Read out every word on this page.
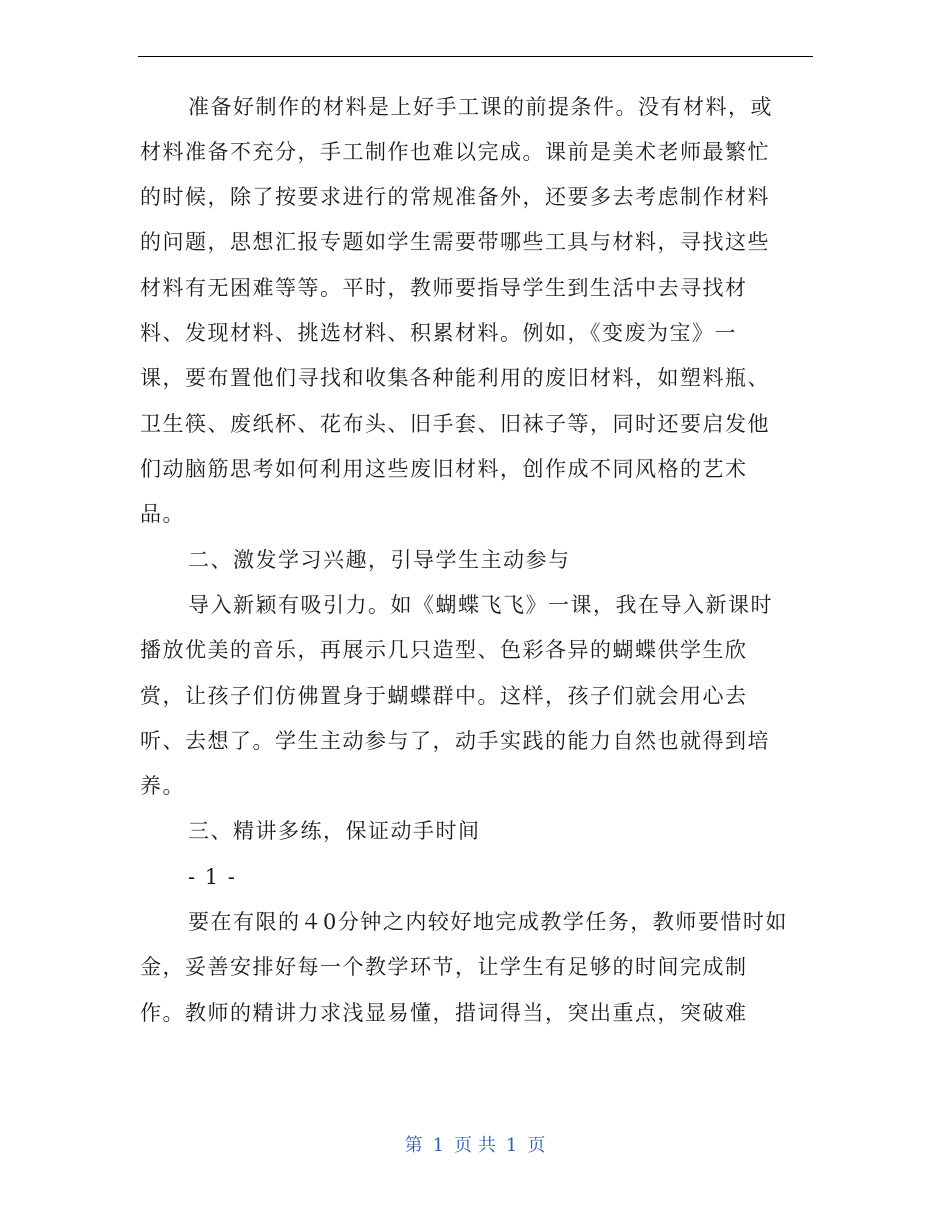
准备好制作的材料是上好手工课的前提条件。没有材料，或
材料准备不充分，手工制作也难以完成。课前是美术老师最繁忙
的时候，除了按要求进行的常规准备外，还要多去考虑制作材料
的问题，思想汇报专题如学生需要带哪些工具与材料，寻找这些
材料有无困难等等。平时，教师要指导学生到生活中去寻找材
料、发现材料、挑选材料、积累材料。例如，《变废为宝》一
课，要布置他们寻找和收集各种能利用的废旧材料，如塑料瓶、
卫生筷、废纸杯、花布头、旧手套、旧袜子等，同时还要启发他
们动脑筋思考如何利用这些废旧材料，创作成不同风格的艺术
品。
二、激发学习兴趣，引导学生主动参与
导入新颖有吸引力。如《蝴蝶飞飞》一课，我在导入新课时
播放优美的音乐，再展示几只造型、色彩各异的蝴蝶供学生欣
赏，让孩子们仿佛置身于蝴蝶群中。这样，孩子们就会用心去
听、去想了。学生主动参与了，动手实践的能力自然也就得到培
养。
三、精讲多练，保证动手时间
- 1 -
要在有限的４0分钟之内较好地完成教学任务，教师要惜时如
金，妥善安排好每一个教学环节，让学生有足够的时间完成制
作。教师的精讲力求浅显易懂，措词得当，突出重点，突破难
第 1 页 共 1 页
